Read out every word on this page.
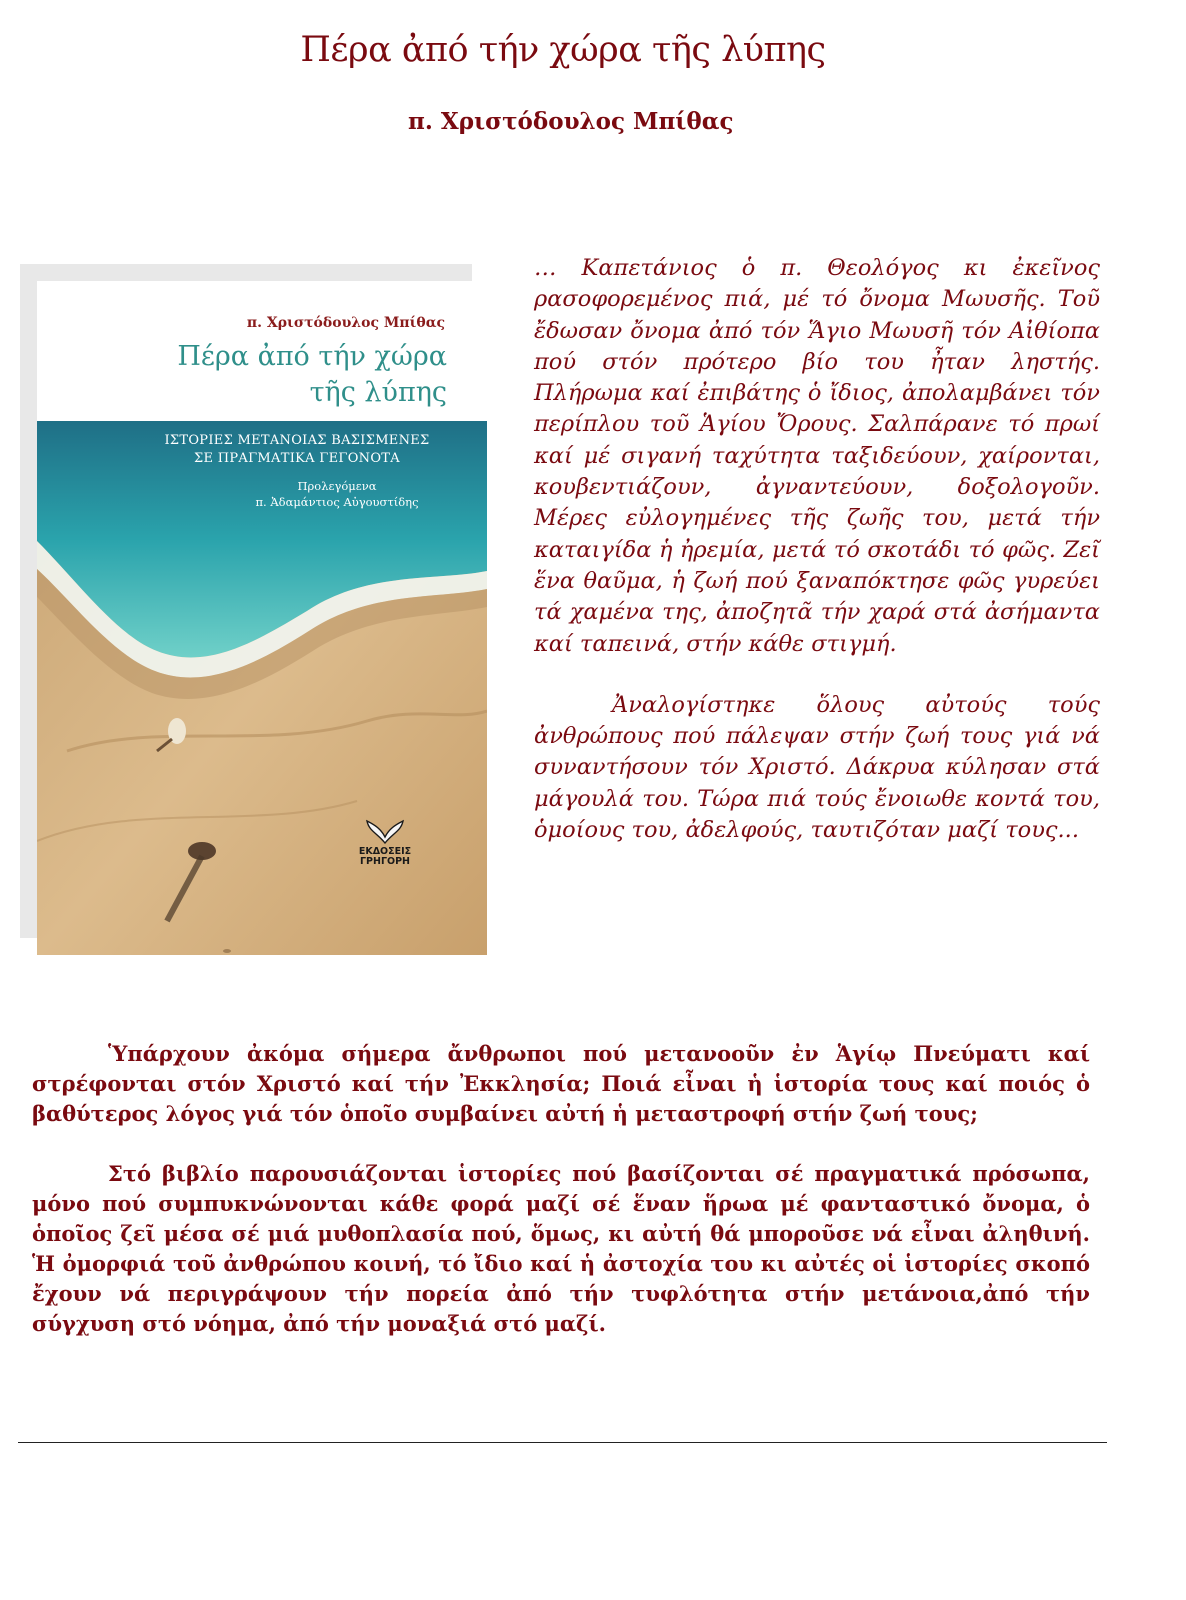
Πέρα ἀπό τήν χώρα τῆς λύπης
π. Χριστόδουλος Μπίθας
π. Χριστόδουλος Μπίθας
Πέρα ἀπό τήν χώρα
τῆς λύπης
ΙΣΤΟΡΙΕΣ ΜΕΤΑΝΟΙΑΣ ΒΑΣΙΣΜΕΝΕΣ
ΣΕ ΠΡΑΓΜΑΤΙΚΑ ΓΕΓΟΝΟΤΑ
Προλεγόμενα
π. Ἀδαμάντιος Αὐγουστίδης
ΕΚΔΟΣΕΙΣ
ΓΡΗΓΟΡΗ

… Καπετάνιος ὁ π. Θεολόγος κι ἐκεῖνος ρασοφορεμένος πιά, μέ τό ὄνομα Μωυσῆς. Τοῦ ἔδωσαν ὄνομα ἀπό τόν Ἅγιο Μωυσῆ τόν Αἰθίοπα πού στόν πρότερο βίο του ἦταν ληστής. Πλήρωμα καί ἐπιβάτης ὁ ἴδιος, ἀπολαμβάνει τόν περίπλου τοῦ Ἁγίου Ὄρους. Σαλπάρανε τό πρωί καί μέ σιγανή ταχύτητα ταξιδεύουν, χαίρονται, κουβεντιάζουν, ἀγναντεύουν, δοξολογοῦν. Μέρες εὐλογημένες τῆς ζωῆς του, μετά τήν καταιγίδα ἡ ἠρεμία, μετά τό σκοτάδι τό φῶς. Ζεῖ ἕνα θαῦμα, ἡ ζωή πού ξαναπόκτησε φῶς γυρεύει τά χαμένα της, ἀποζητᾶ τήν χαρά στά ἀσήμαντα καί ταπεινά, στήν κάθε στιγμή.

Ἀναλογίστηκε ὅλους αὐτούς τούς ἀνθρώπους πού πάλεψαν στήν ζωή τους γιά νά συναντήσουν τόν Χριστό. Δάκρυα κύλησαν στά μάγουλά του. Τώρα πιά τούς ἔνοιωθε κοντά του, ὁμοίους του, ἀδελφούς, ταυτιζόταν μαζί τους...

Ὑπάρχουν ἀκόμα σήμερα ἄνθρωποι πού μετανοοῦν ἐν Ἁγίῳ Πνεύματι καί στρέφονται στόν Χριστό καί τήν Ἐκκλησία; Ποιά εἶναι ἡ ἱστορία τους καί ποιός ὁ βαθύτερος λόγος γιά τόν ὁποῖο συμβαίνει αὐτή ἡ μεταστροφή στήν ζωή τους;

Στό βιβλίο παρουσιάζονται ἱστορίες πού βασίζονται σέ πραγματικά πρόσωπα, μόνο πού συμπυκνώνονται κάθε φορά μαζί σέ ἕναν ἥρωα μέ φανταστικό ὄνομα, ὁ ὁποῖος ζεῖ μέσα σέ μιά μυθοπλασία πού, ὅμως, κι αὐτή θά μποροῦσε νά εἶναι ἀληθινή. Ἡ ὀμορφιά τοῦ ἀνθρώπου κοινή, τό ἴδιο καί ἡ ἀστοχία του κι αὐτές οἱ ἱστορίες σκοπό ἔχουν νά περιγράψουν τήν πορεία ἀπό τήν τυφλότητα στήν μετάνοια,ἀπό τήν σύγχυση στό νόημα, ἀπό τήν μοναξιά στό μαζί.
